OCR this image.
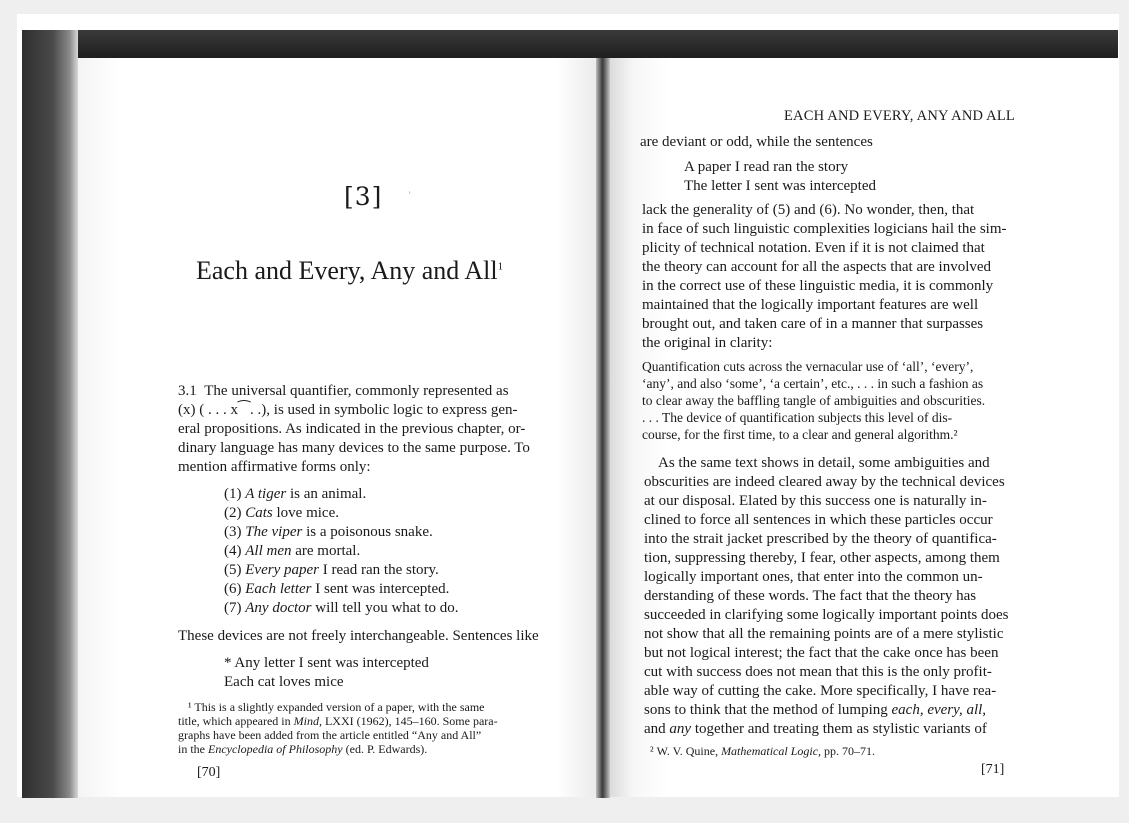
[3]	˒
Each and Every, Any and All$^1$
3.1 The universal quantifier, commonly represented as
(x) ( . . . x⁀. .), is used in symbolic logic to express gen-
eral propositions. As indicated in the previous chapter, or-
dinary language has many devices to the same purpose. To
mention affirmative forms only:
(1) A tiger is an animal.
(2) Cats love mice.
(3) The viper is a poisonous snake.
(4) All men are mortal.
(5) Every paper I read ran the story.
(6) Each letter I sent was intercepted.
(7) Any doctor will tell you what to do.
These devices are not freely interchangeable. Sentences like
* Any letter I sent was intercepted
Each cat loves mice
¹ This is a slightly expanded version of a paper, with the same
title, which appeared in Mind, LXXI (1962), 145–160. Some para-
graphs have been added from the article entitled “Any and All”
in the Encyclopedia of Philosophy (ed. P. Edwards).
[70]
EACH AND EVERY, ANY AND ALL
are deviant or odd, while the sentences
A paper I read ran the story
The letter I sent was intercepted
lack the generality of (5) and (6). No wonder, then, that
in face of such linguistic complexities logicians hail the sim-
plicity of technical notation. Even if it is not claimed that
the theory can account for all the aspects that are involved
in the correct use of these linguistic media, it is commonly
maintained that the logically important features are well
brought out, and taken care of in a manner that surpasses
the original in clarity:
Quantification cuts across the vernacular use of ‘all’, ‘every’,
‘any’, and also ‘some’, ‘a certain’, etc., . . . in such a fashion as
to clear away the baffling tangle of ambiguities and obscurities.
. . . The device of quantification subjects this level of dis-
course, for the first time, to a clear and general algorithm.²
As the same text shows in detail, some ambiguities and
obscurities are indeed cleared away by the technical devices
at our disposal. Elated by this success one is naturally in-
clined to force all sentences in which these particles occur
into the strait jacket prescribed by the theory of quantifica-
tion, suppressing thereby, I fear, other aspects, among them
logically important ones, that enter into the common un-
derstanding of these words. The fact that the theory has
succeeded in clarifying some logically important points does
not show that all the remaining points are of a mere stylistic
but not logical interest; the fact that the cake once has been
cut with success does not mean that this is the only profit-
able way of cutting the cake. More specifically, I have rea-
sons to think that the method of lumping each, every, all,
and any together and treating them as stylistic variants of
² W. V. Quine, Mathematical Logic, pp. 70–71.
[71]
